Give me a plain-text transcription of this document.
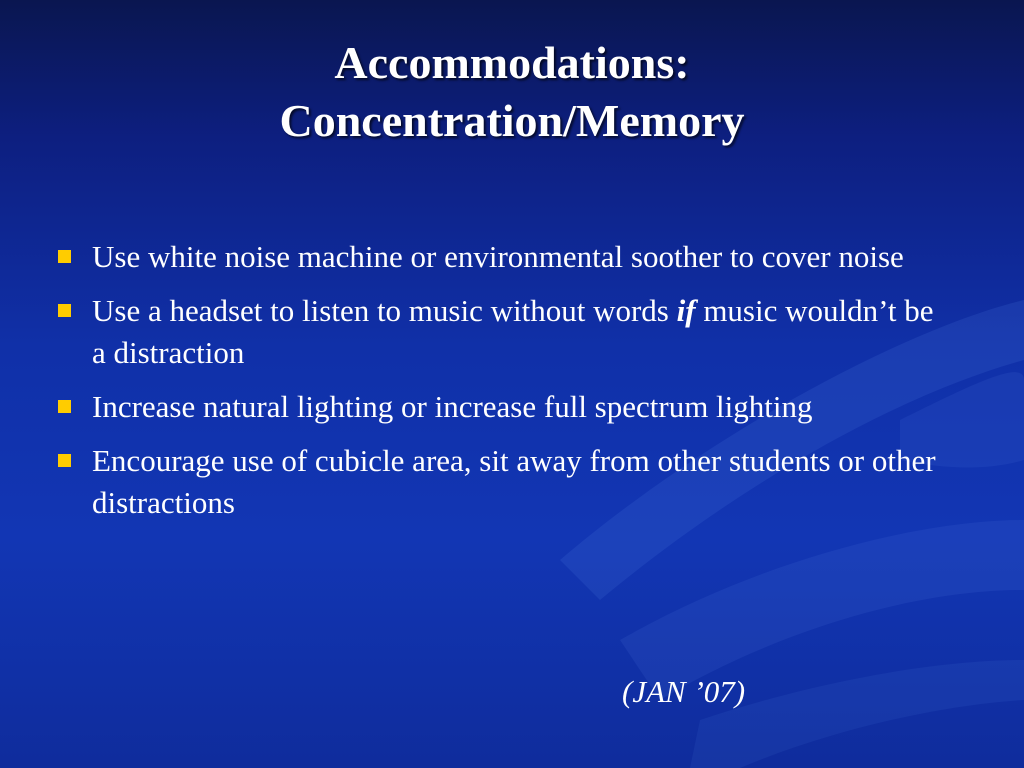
Accommodations:
Concentration/Memory
Use white noise machine or environmental soother to cover noise
Use a headset to listen to music without words if music wouldn’t be a distraction
Increase natural lighting or increase full spectrum lighting
Encourage use of cubicle area, sit away from other students or other distractions
(JAN ’07)
